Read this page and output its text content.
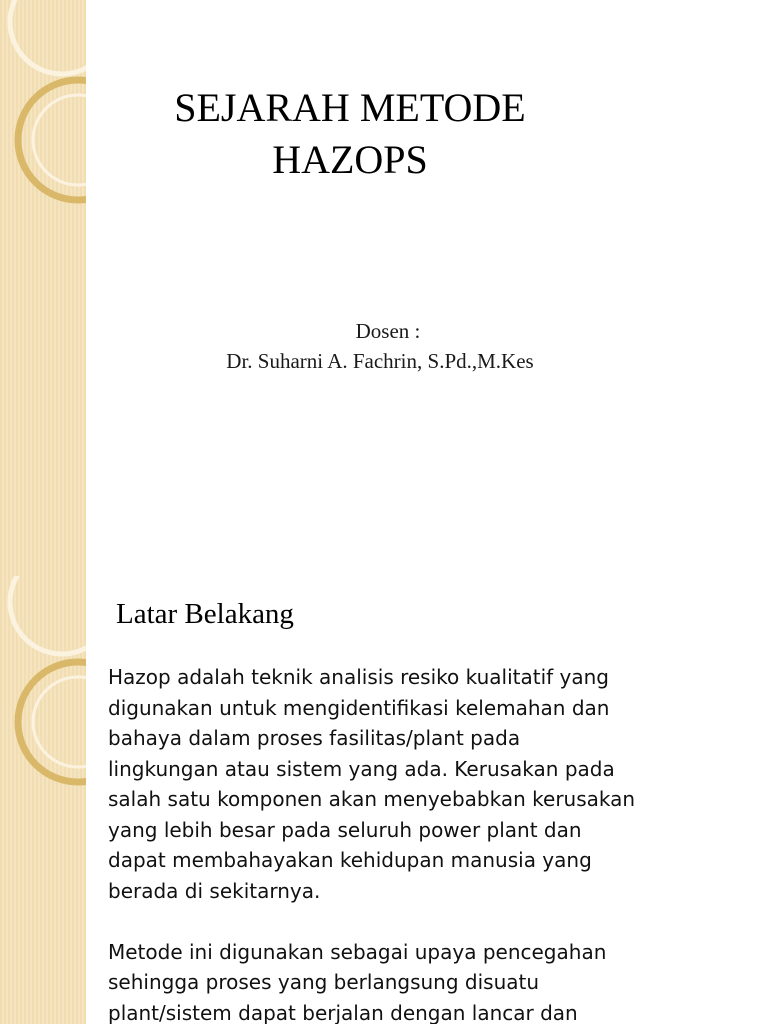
SEJARAH METODE
HAZOPS
Dosen :
Dr. Suharni A. Fachrin, S.Pd.,M.Kes
Latar Belakang

Hazop adalah teknik analisis resiko kualitatif yang
digunakan untuk mengidentifikasi kelemahan dan
bahaya dalam proses fasilitas/plant pada
lingkungan atau sistem yang ada. Kerusakan pada
salah satu komponen akan menyebabkan kerusakan
yang lebih besar pada seluruh power plant dan
dapat membahayakan kehidupan manusia yang
berada di sekitarnya.

Metode ini digunakan sebagai upaya pencegahan
sehingga proses yang berlangsung disuatu
plant/sistem dapat berjalan dengan lancar dan
